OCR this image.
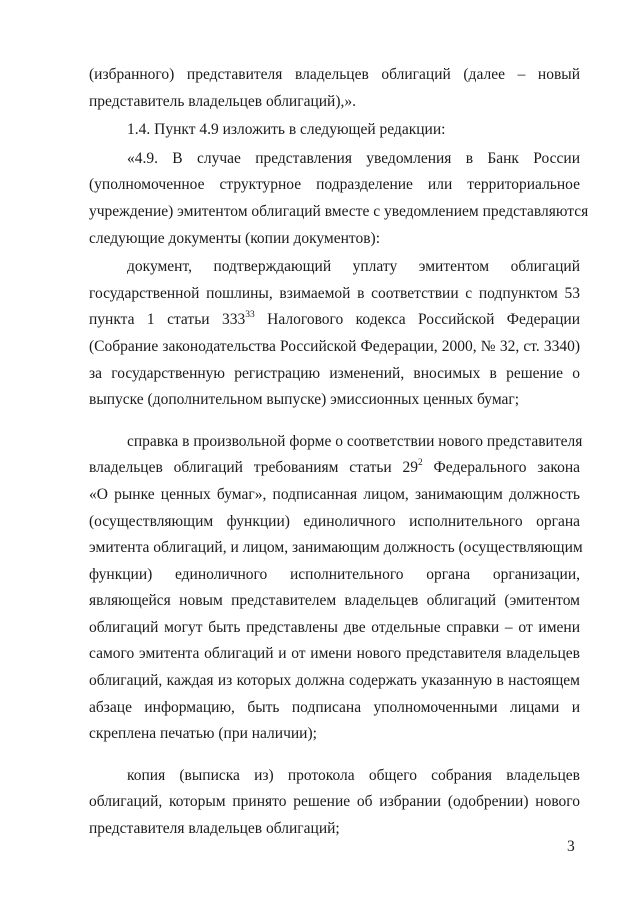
(избранного) представителя владельцев облигаций (далее – новый
представитель владельцев облигаций),».
1.4. Пункт 4.9 изложить в следующей редакции:
«4.9. В случае представления уведомления в Банк России
(уполномоченное структурное подразделение или территориальное
учреждение) эмитентом облигаций вместе с уведомлением представляются
следующие документы (копии документов):
документ, подтверждающий уплату эмитентом облигаций
государственной пошлины, взимаемой в соответствии с подпунктом 53
пункта 1 статьи $333^{33}$ Налогового кодекса Российской Федерации
(Собрание законодательства Российской Федерации, 2000, № 32, ст. 3340)
за государственную регистрацию изменений, вносимых в решение о
выпуске (дополнительном выпуске) эмиссионных ценных бумаг;
справка в произвольной форме о соответствии нового представителя
владельцев облигаций требованиям статьи $29^2$ Федерального закона
«О рынке ценных бумаг», подписанная лицом, занимающим должность
(осуществляющим функции) единоличного исполнительного органа
эмитента облигаций, и лицом, занимающим должность (осуществляющим
функции) единоличного исполнительного органа организации,
являющейся новым представителем владельцев облигаций (эмитентом
облигаций могут быть представлены две отдельные справки – от имени
самого эмитента облигаций и от имени нового представителя владельцев
облигаций, каждая из которых должна содержать указанную в настоящем
абзаце информацию, быть подписана уполномоченными лицами и
скреплена печатью (при наличии);
копия (выписка из) протокола общего собрания владельцев
облигаций, которым принято решение об избрании (одобрении) нового
представителя владельцев облигаций;
3
